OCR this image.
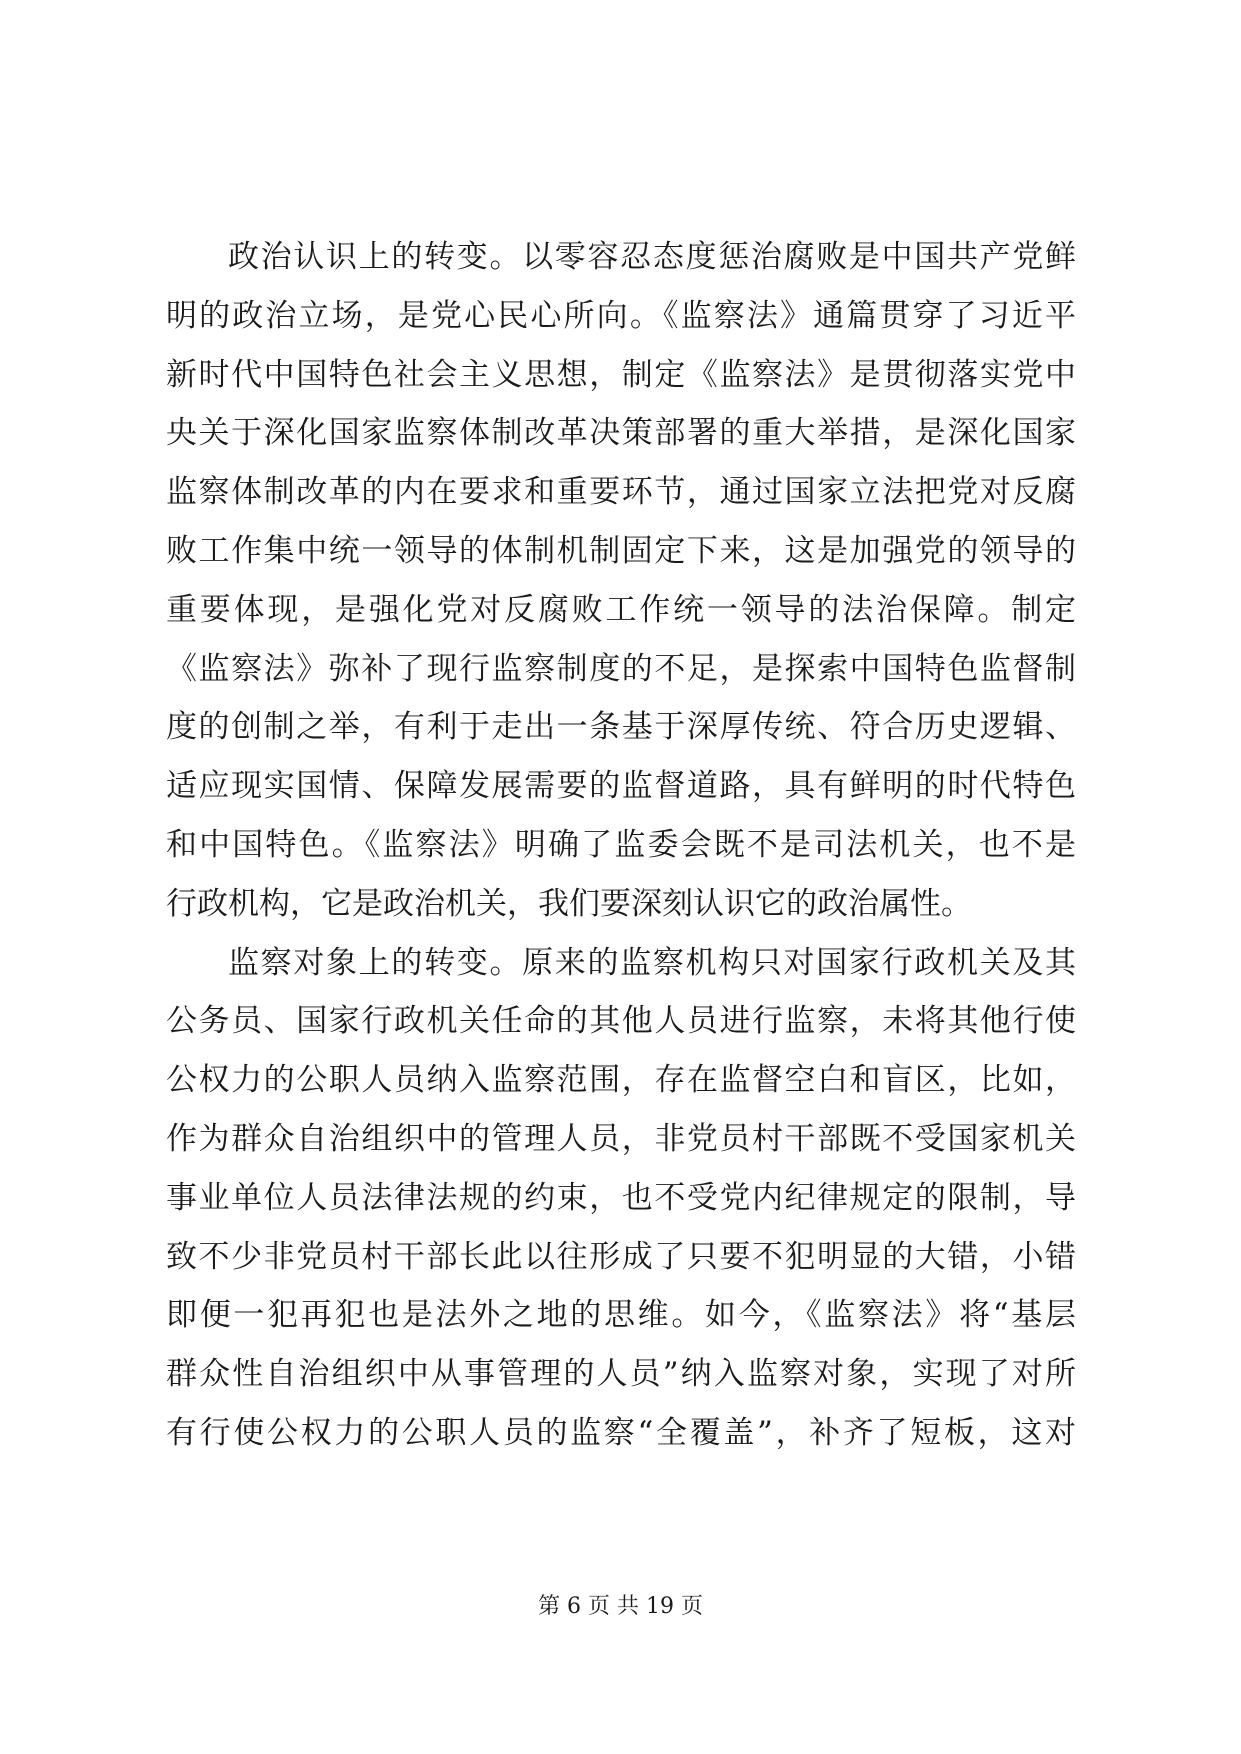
政治认识上的转变。以零容忍态度惩治腐败是中国共产党鲜
明的政治立场，是党心民心所向。《监察法》通篇贯穿了习近平
新时代中国特色社会主义思想，制定《监察法》是贯彻落实党中
央关于深化国家监察体制改革决策部署的重大举措，是深化国家
监察体制改革的内在要求和重要环节，通过国家立法把党对反腐
败工作集中统一领导的体制机制固定下来，这是加强党的领导的
重要体现，是强化党对反腐败工作统一领导的法治保障。制定
《监察法》弥补了现行监察制度的不足，是探索中国特色监督制
度的创制之举，有利于走出一条基于深厚传统、符合历史逻辑、
适应现实国情、保障发展需要的监督道路，具有鲜明的时代特色
和中国特色。《监察法》明确了监委会既不是司法机关，也不是
行政机构，它是政治机关，我们要深刻认识它的政治属性。
监察对象上的转变。原来的监察机构只对国家行政机关及其
公务员、国家行政机关任命的其他人员进行监察，未将其他行使
公权力的公职人员纳入监察范围，存在监督空白和盲区，比如，
作为群众自治组织中的管理人员，非党员村干部既不受国家机关
事业单位人员法律法规的约束，也不受党内纪律规定的限制，导
致不少非党员村干部长此以往形成了只要不犯明显的大错，小错
即便一犯再犯也是法外之地的思维。如今，《监察法》将“基层
群众性自治组织中从事管理的人员”纳入监察对象，实现了对所
有行使公权力的公职人员的监察“全覆盖”，补齐了短板，这对
第 6 页 共 19 页
